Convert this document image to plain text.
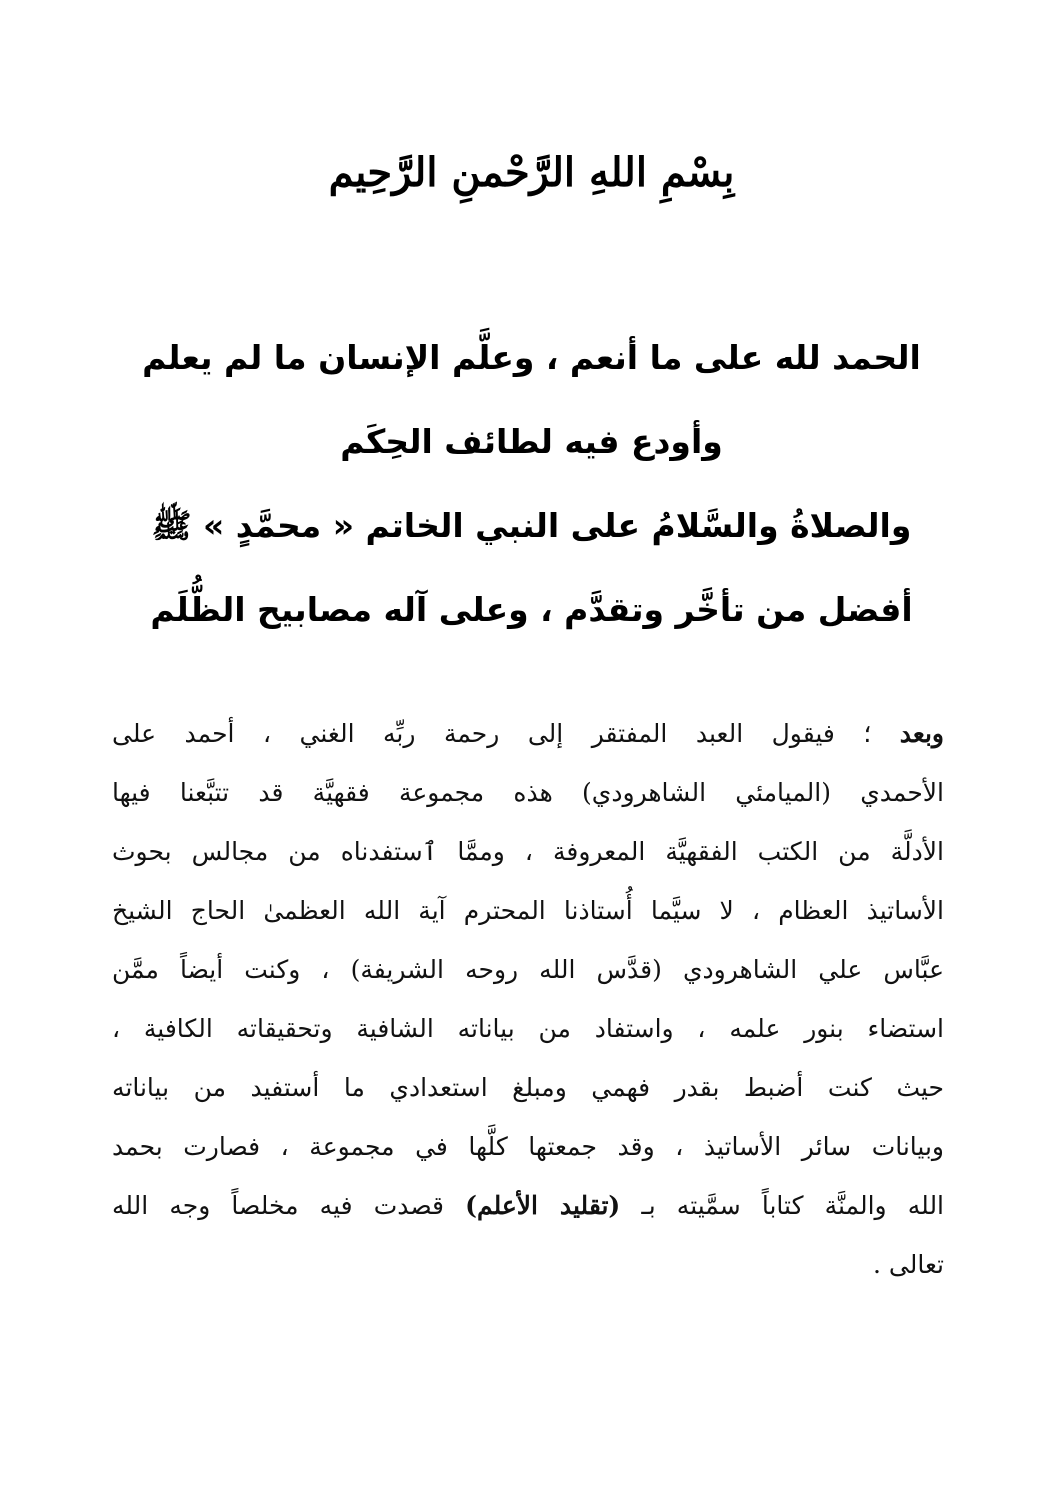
بِسْمِ اللهِ الرَّحْمنِ الرَّحِيم
الحمد لله على ما أنعم ، وعلَّم الإنسان ما لم يعلم
وأودع فيه لطائف الحِكَم
والصلاةُ والسَّلامُ على النبي الخاتم « محمَّدٍ » ﷺ
أفضل من تأخَّر وتقدَّم ، وعلى آله مصابيح الظُّلَم
وبعد ؛ فيقول العبد المفتقر إلى رحمة ربِّه الغني ، أحمد على
الأحمدي (الميامئي الشاهرودي) هذه مجموعة فقهيَّة قد تتبَّعنا فيها
الأدلَّة من الكتب الفقهيَّة المعروفة ، وممَّا ٱستفدناه من مجالس بحوث
الأساتيذ العظام ، لا سيَّما أُستاذنا المحترم آية الله العظمىٰ الحاج الشيخ
عبَّاس علي الشاهرودي (قدَّس الله روحه الشريفة) ، وكنت أيضاً ممَّن
استضاء بنور علمه ، واستفاد من بياناته الشافية وتحقيقاته الكافية ،
حيث كنت أضبط بقدر فهمي ومبلغ استعدادي ما أستفيد من بياناته
وبيانات سائر الأساتيذ ، وقد جمعتها كلَّها في مجموعة ، فصارت بحمد
الله والمنَّة كتاباً سمَّيته بـ (تقليد الأعلم) قصدت فيه مخلصاً وجه الله
تعالى .
